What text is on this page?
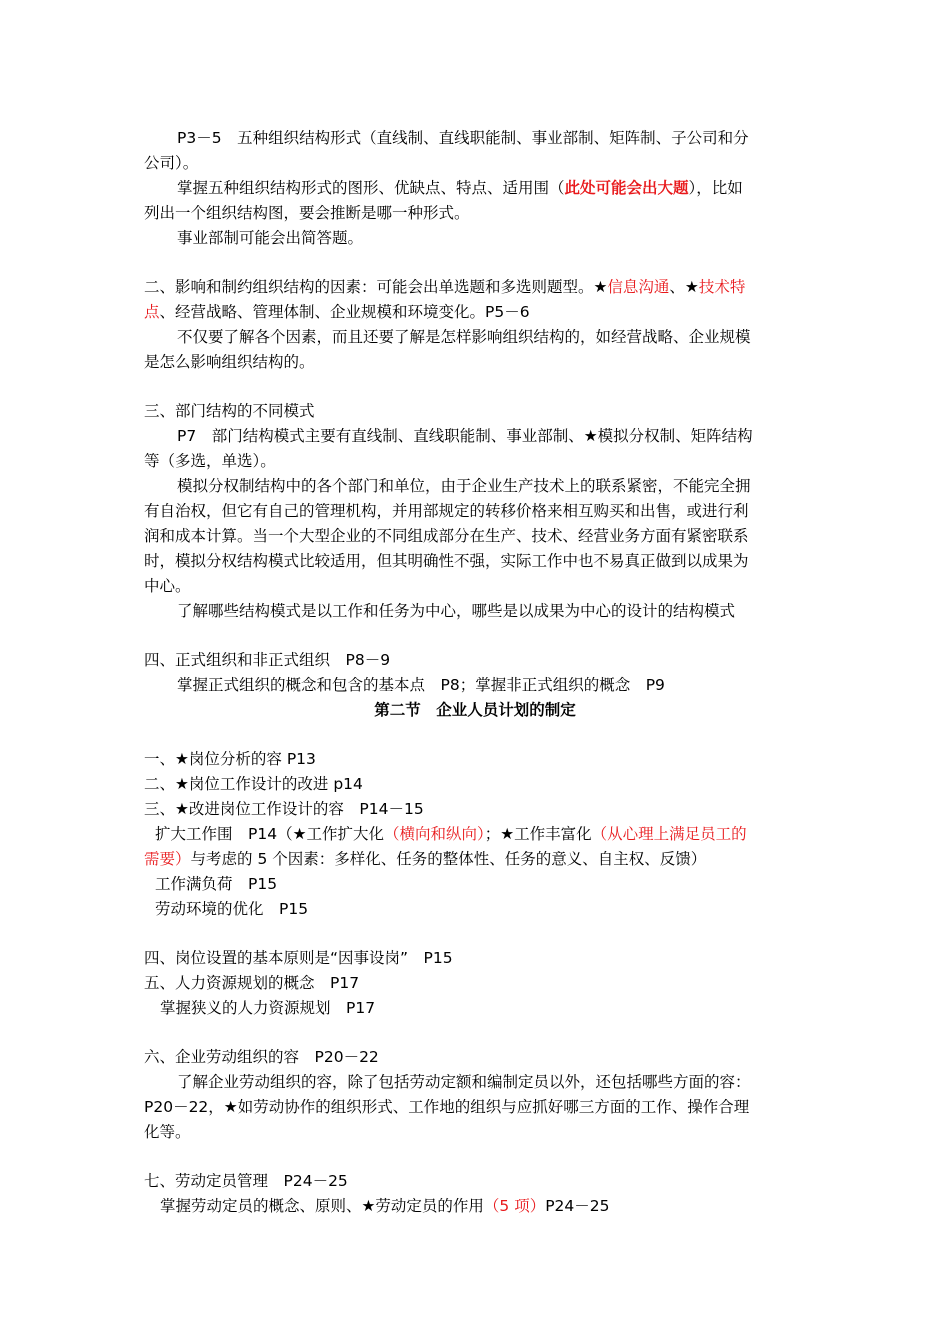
P3－5　五种组织结构形式（直线制、直线职能制、事业部制、矩阵制、子公司和分
公司）。
掌握五种组织结构形式的图形、优缺点、特点、适用围（此处可能会出大题），比如
列出一个组织结构图，要会推断是哪一种形式。
事业部制可能会出简答题。
二、影响和制约组织结构的因素：可能会出单选题和多选则题型。★信息沟通、★技术特
点、经营战略、管理体制、企业规模和环境变化。P5－6
不仅要了解各个因素，而且还要了解是怎样影响组织结构的，如经营战略、企业规模
是怎么影响组织结构的。
三、部门结构的不同模式
P7　部门结构模式主要有直线制、直线职能制、事业部制、★模拟分权制、矩阵结构
等（多选，单选）。
模拟分权制结构中的各个部门和单位，由于企业生产技术上的联系紧密，不能完全拥
有自治权，但它有自己的管理机构，并用部规定的转移价格来相互购买和出售，或进行利
润和成本计算。当一个大型企业的不同组成部分在生产、技术、经营业务方面有紧密联系
时，模拟分权结构模式比较适用，但其明确性不强，实际工作中也不易真正做到以成果为
中心。
了解哪些结构模式是以工作和任务为中心，哪些是以成果为中心的设计的结构模式
四、正式组织和非正式组织　P8－9
掌握正式组织的概念和包含的基本点　P8；掌握非正式组织的概念　P9
第二节　企业人员计划的制定
一、★岗位分析的容 P13
二、★岗位工作设计的改进 p14
三、★改进岗位工作设计的容　P14－15
扩大工作围　P14（★工作扩大化（横向和纵向）；★工作丰富化（从心理上满足员工的
需要）与考虑的 5 个因素：多样化、任务的整体性、任务的意义、自主权、反馈）
工作满负荷　P15
劳动环境的优化　P15
四、岗位设置的基本原则是“因事设岗”　P15
五、人力资源规划的概念　P17
掌握狭义的人力资源规划　P17
六、企业劳动组织的容　P20－22
了解企业劳动组织的容，除了包括劳动定额和编制定员以外，还包括哪些方面的容：
P20－22，★如劳动协作的组织形式、工作地的组织与应抓好哪三方面的工作、操作合理
化等。
七、劳动定员管理　P24－25
掌握劳动定员的概念、原则、★劳动定员的作用（5 项）P24－25
